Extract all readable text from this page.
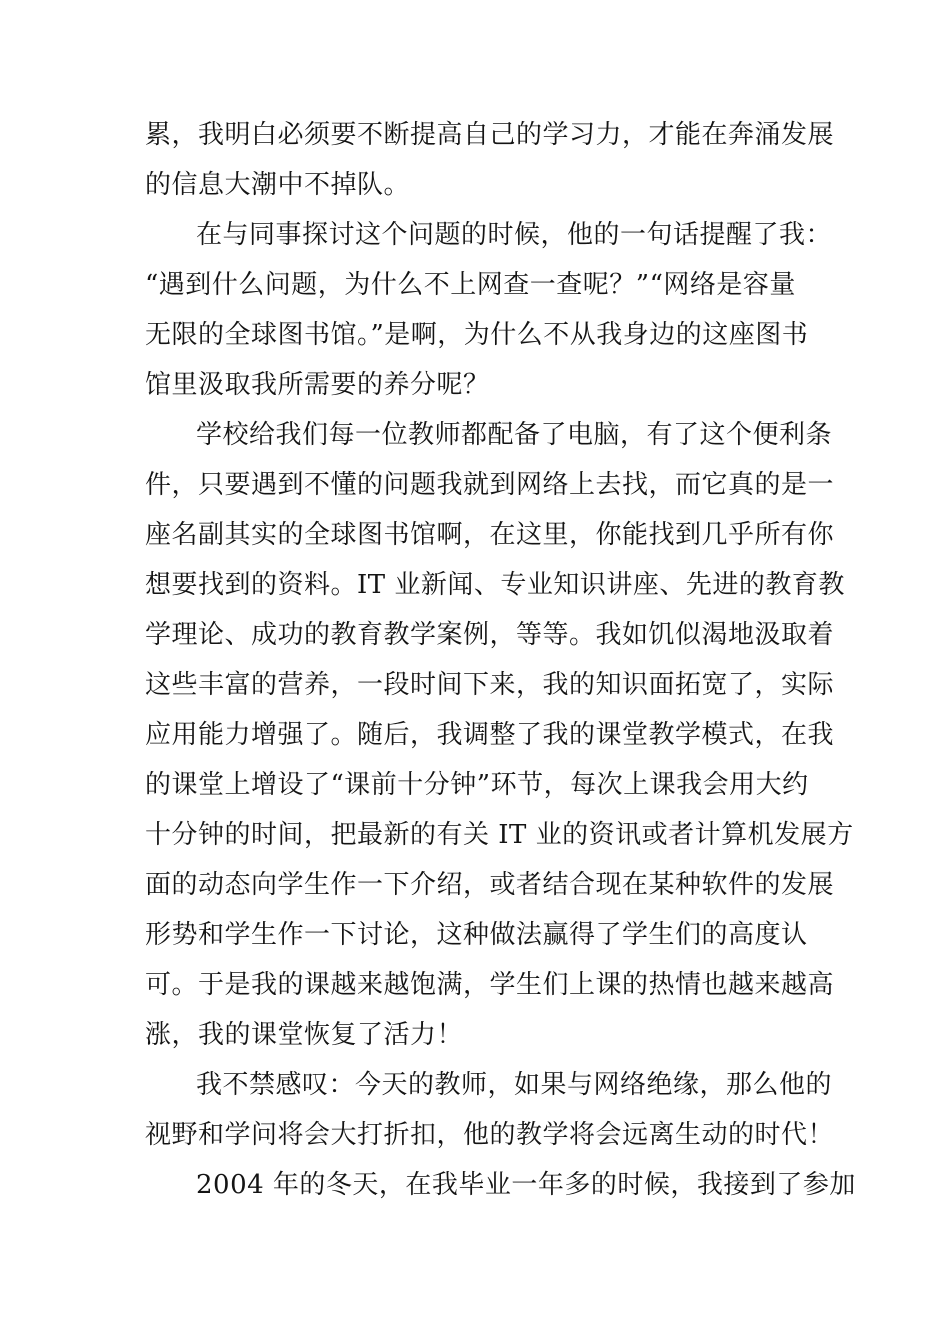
累，我明白必须要不断提高自己的学习力，才能在奔涌发展
的信息大潮中不掉队。
在与同事探讨这个问题的时候，他的一句话提醒了我：
“遇到什么问题，为什么不上网查一查呢？”“网络是容量
无限的全球图书馆。”是啊，为什么不从我身边的这座图书
馆里汲取我所需要的养分呢？
学校给我们每一位教师都配备了电脑，有了这个便利条
件，只要遇到不懂的问题我就到网络上去找，而它真的是一
座名副其实的全球图书馆啊，在这里，你能找到几乎所有你
想要找到的资料。IT 业新闻、专业知识讲座、先进的教育教
学理论、成功的教育教学案例，等等。我如饥似渴地汲取着
这些丰富的营养，一段时间下来，我的知识面拓宽了，实际
应用能力增强了。随后，我调整了我的课堂教学模式，在我
的课堂上增设了“课前十分钟”环节，每次上课我会用大约
十分钟的时间，把最新的有关 IT 业的资讯或者计算机发展方
面的动态向学生作一下介绍，或者结合现在某种软件的发展
形势和学生作一下讨论，这种做法赢得了学生们的高度认
可。于是我的课越来越饱满，学生们上课的热情也越来越高
涨，我的课堂恢复了活力！
我不禁感叹：今天的教师，如果与网络绝缘，那么他的
视野和学问将会大打折扣，他的教学将会远离生动的时代！
2004 年的冬天，在我毕业一年多的时候，我接到了参加
